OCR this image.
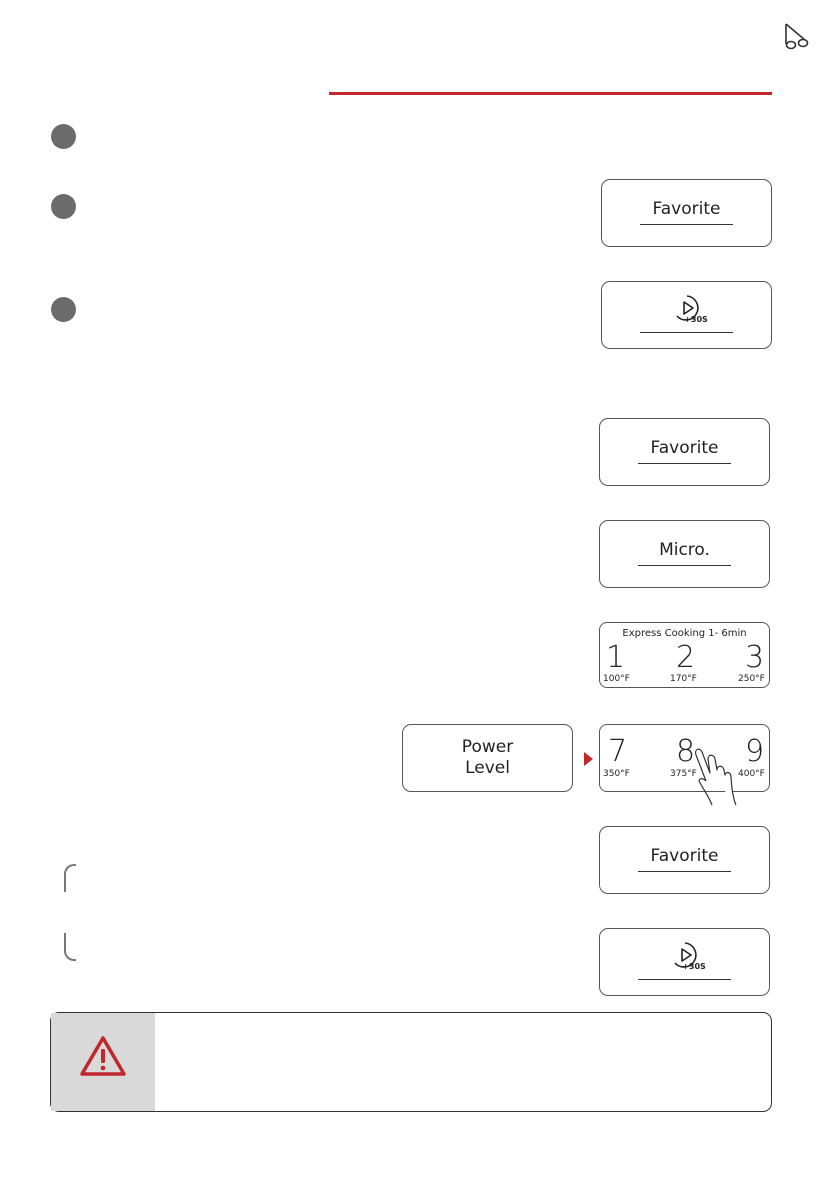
Favorite
+30S
Favorite
Micro.
Express Cooking 1- 6min
1
100°F
2
170°F
3
250°F
Power
Level	7
350°F
8
375°F
9
400°F
Favorite
+30S
